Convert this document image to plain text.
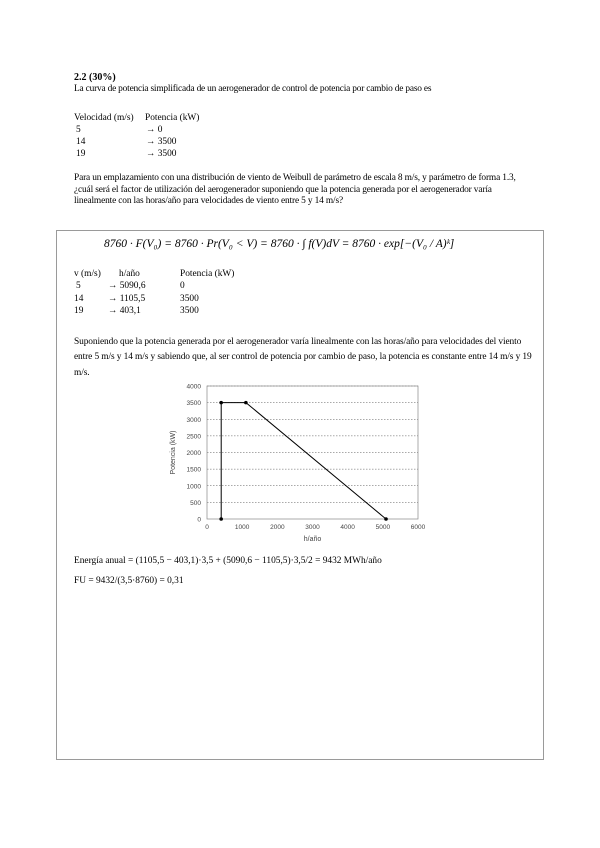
2.2 (30%)
La curva de potencia simplificada de un aerogenerador de control de potencia por cambio de paso es
Velocidad (m/s) Potencia (kW)
5	→ 0
14	→ 3500
19	→ 3500
Para un emplazamiento con una distribución de viento de Weibull de parámetro de escala 8 m/s, y parámetro de forma 1.3, ¿cuál será el factor de utilización del aerogenerador suponiendo que la potencia generada por el aerogenerador varía linealmente con las horas/año para velocidades de viento entre 5 y 14 m/s?
8760 · F(V₀) = 8760 · Pr(V₀ < V) = 8760 · ∫ f(V)dV = 8760 · exp[−(V₀ / A)ᵏ]
v (m/s) h/año	Potencia (kW)
5	→ 5090,6	0
14	→ 1105,5	3500
19	→ 403,1	3500
Suponiendo que la potencia generada por el aerogenerador varía linealmente con las horas/año para velocidades del viento entre 5 m/s y 14 m/s y sabiendo que, al ser control de potencia por cambio de paso, la potencia es constante entre 14 m/s y 19 m/s.
0
500
1000
1500
2000
2500
3000
3500
4000
0	1000	2000	3000	4000	5000	6000
h/año
Potencia (kW)
Energía anual = (1105,5 − 403,1)·3,5 + (5090,6 − 1105,5)·3,5/2 = 9432 MWh/año
FU = 9432/(3,5·8760) = 0,31
